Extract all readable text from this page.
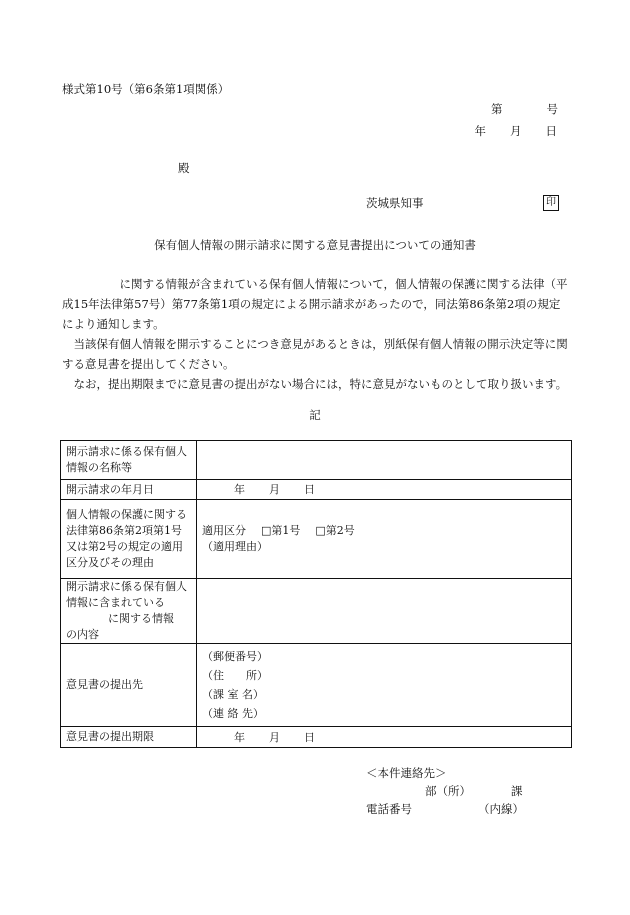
様式第10号（第6条第1項関係）
第	号
年 月 日
殿
茨城県知事	印
保有個人情報の開示請求に関する意見書提出についての通知書

　　　　　に関する情報が含まれている保有個人情報について，個人情報の保護に関する法律（平成15年法律第57号）第77条第1項の規定による開示請求があったので，同法第86条第2項の規定により通知します。

　当該保有個人情報を開示することにつき意見があるときは，別紙保有個人情報の開示決定等に関する意見書を提出してください。

　なお，提出期限までに意見書の提出がない場合には，特に意見がないものとして取り扱います。

記
開示請求に係る保有個人情報の名称等	
開示請求の年月日	年 月 日
個人情報の保護に関する法律第86条第2項第1号又は第2号の規定の適用区分及びその理由	適用区分 □第1号 □第2号
（適用理由）

開示請求に係る保有個人情報に含まれている
に関する情報
の内容	

意見書の提出先	（郵便番号）
（住　　所）
（課 室 名）
（連 絡 先）

意見書の提出期限	年 月 日
＜本件連絡先＞
部（所）	課
電話番号	（内線）
